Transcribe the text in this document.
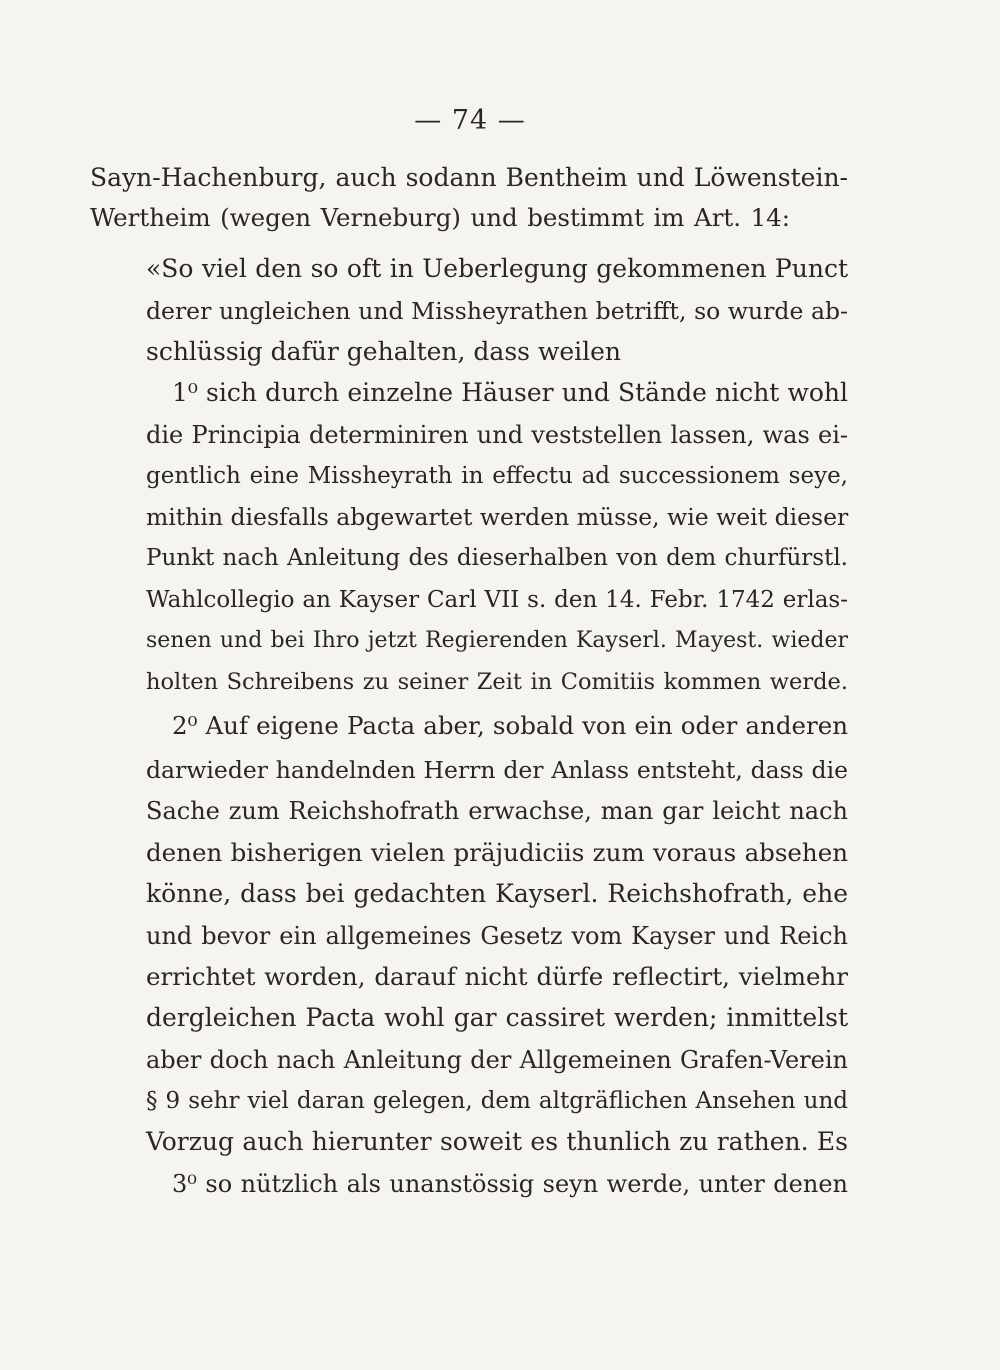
— 74 —
Sayn-Hachenburg, auch sodann Bentheim und Löwenstein-
Wertheim (wegen Verneburg) und bestimmt im Art. 14:
«So viel den so oft in Ueberlegung gekommenen Punct
derer ungleichen und Missheyrathen betrifft, so wurde ab-
schlüssig dafür gehalten, dass weilen
1⁰ sich durch einzelne Häuser und Stände nicht wohl
die Principia determiniren und veststellen lassen, was ei-
gentlich eine Missheyrath in effectu ad successionem seye,
mithin diesfalls abgewartet werden müsse, wie weit dieser
Punkt nach Anleitung des dieserhalben von dem churfürstl.
Wahlcollegio an Kayser Carl VII s. den 14. Febr. 1742 erlas-
senen und bei Ihro jetzt Regierenden Kayserl. Mayest. wieder
holten Schreibens zu seiner Zeit in Comitiis kommen werde.
2⁰ Auf eigene Pacta aber, sobald von ein oder anderen
darwieder handelnden Herrn der Anlass entsteht, dass die
Sache zum Reichshofrath erwachse, man gar leicht nach
denen bisherigen vielen präjudiciis zum voraus absehen
könne, dass bei gedachten Kayserl. Reichshofrath, ehe
und bevor ein allgemeines Gesetz vom Kayser und Reich
errichtet worden, darauf nicht dürfe reflectirt, vielmehr
dergleichen Pacta wohl gar cassiret werden; inmittelst
aber doch nach Anleitung der Allgemeinen Grafen-Verein
§ 9 sehr viel daran gelegen, dem altgräflichen Ansehen und
Vorzug auch hierunter soweit es thunlich zu rathen. Es
3⁰ so nützlich als unanstössig seyn werde, unter denen
